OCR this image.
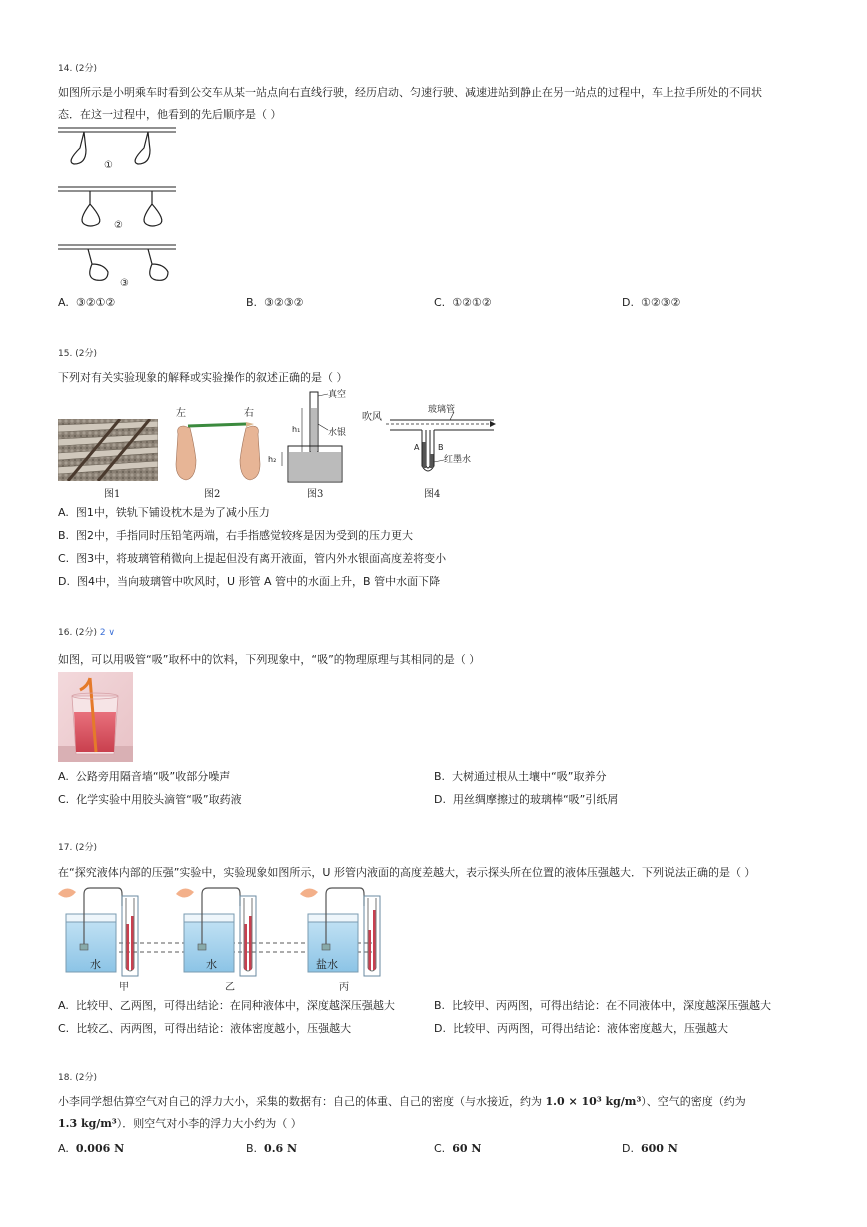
14. (2分)
如图所示是小明乘车时看到公交车从某一站点向右直线行驶，经历启动、匀速行驶、减速进站到静止在另一站点的过程中，车上拉手所处的不同状
态．在这一过程中，他看到的先后顺序是（ ）
①
②
③
A. ③②①②	B. ③②③②	C. ①②①②	D. ①②③②
15. (2分)
下列对有关实验现象的解释或实验操作的叙述正确的是（ ）
图1
左	右
图2
真空
水银
h₁
h₂
图3
吹风
玻璃管
A B
红墨水
图4
A. 图1中，铁轨下铺设枕木是为了减小压力
B. 图2中，手指同时压铅笔两端，右手指感觉较疼是因为受到的压力更大
C. 图3中，将玻璃管稍微向上提起但没有离开液面，管内外水银面高度差将变小
D. 图4中，当向玻璃管中吹风时，U 形管 A 管中的水面上升，B 管中水面下降
16. (2分) 2 ∨
如图，可以用吸管“吸”取杯中的饮料，下列现象中，“吸”的物理原理与其相同的是（ ）
A. 公路旁用隔音墙“吸”收部分噪声	B. 大树通过根从土壤中“吸”取养分
C. 化学实验中用胶头滴管“吸”取药液	D. 用丝绸摩擦过的玻璃棒“吸”引纸屑
17. (2分)
在“探究液体内部的压强”实验中，实验现象如图所示，U 形管内液面的高度差越大，表示探头所在位置的液体压强越大．下列说法正确的是（ ）
水	水	盐水
甲	乙	丙
A. 比较甲、乙两图，可得出结论：在同种液体中，深度越深压强越大	B. 比较甲、丙两图，可得出结论：在不同液体中，深度越深压强越大
C. 比较乙、丙两图，可得出结论：液体密度越小，压强越大	D. 比较甲、丙两图，可得出结论：液体密度越大，压强越大
18. (2分)
小李同学想估算空气对自己的浮力大小，采集的数据有：自己的体重、自己的密度（与水接近，约为 1.0 × 10³ kg/m³）、空气的密度（约为
1.3 kg/m³）．则空气对小李的浮力大小约为（ ）
A. 0.006 N	B. 0.6 N	C. 60 N	D. 600 N
